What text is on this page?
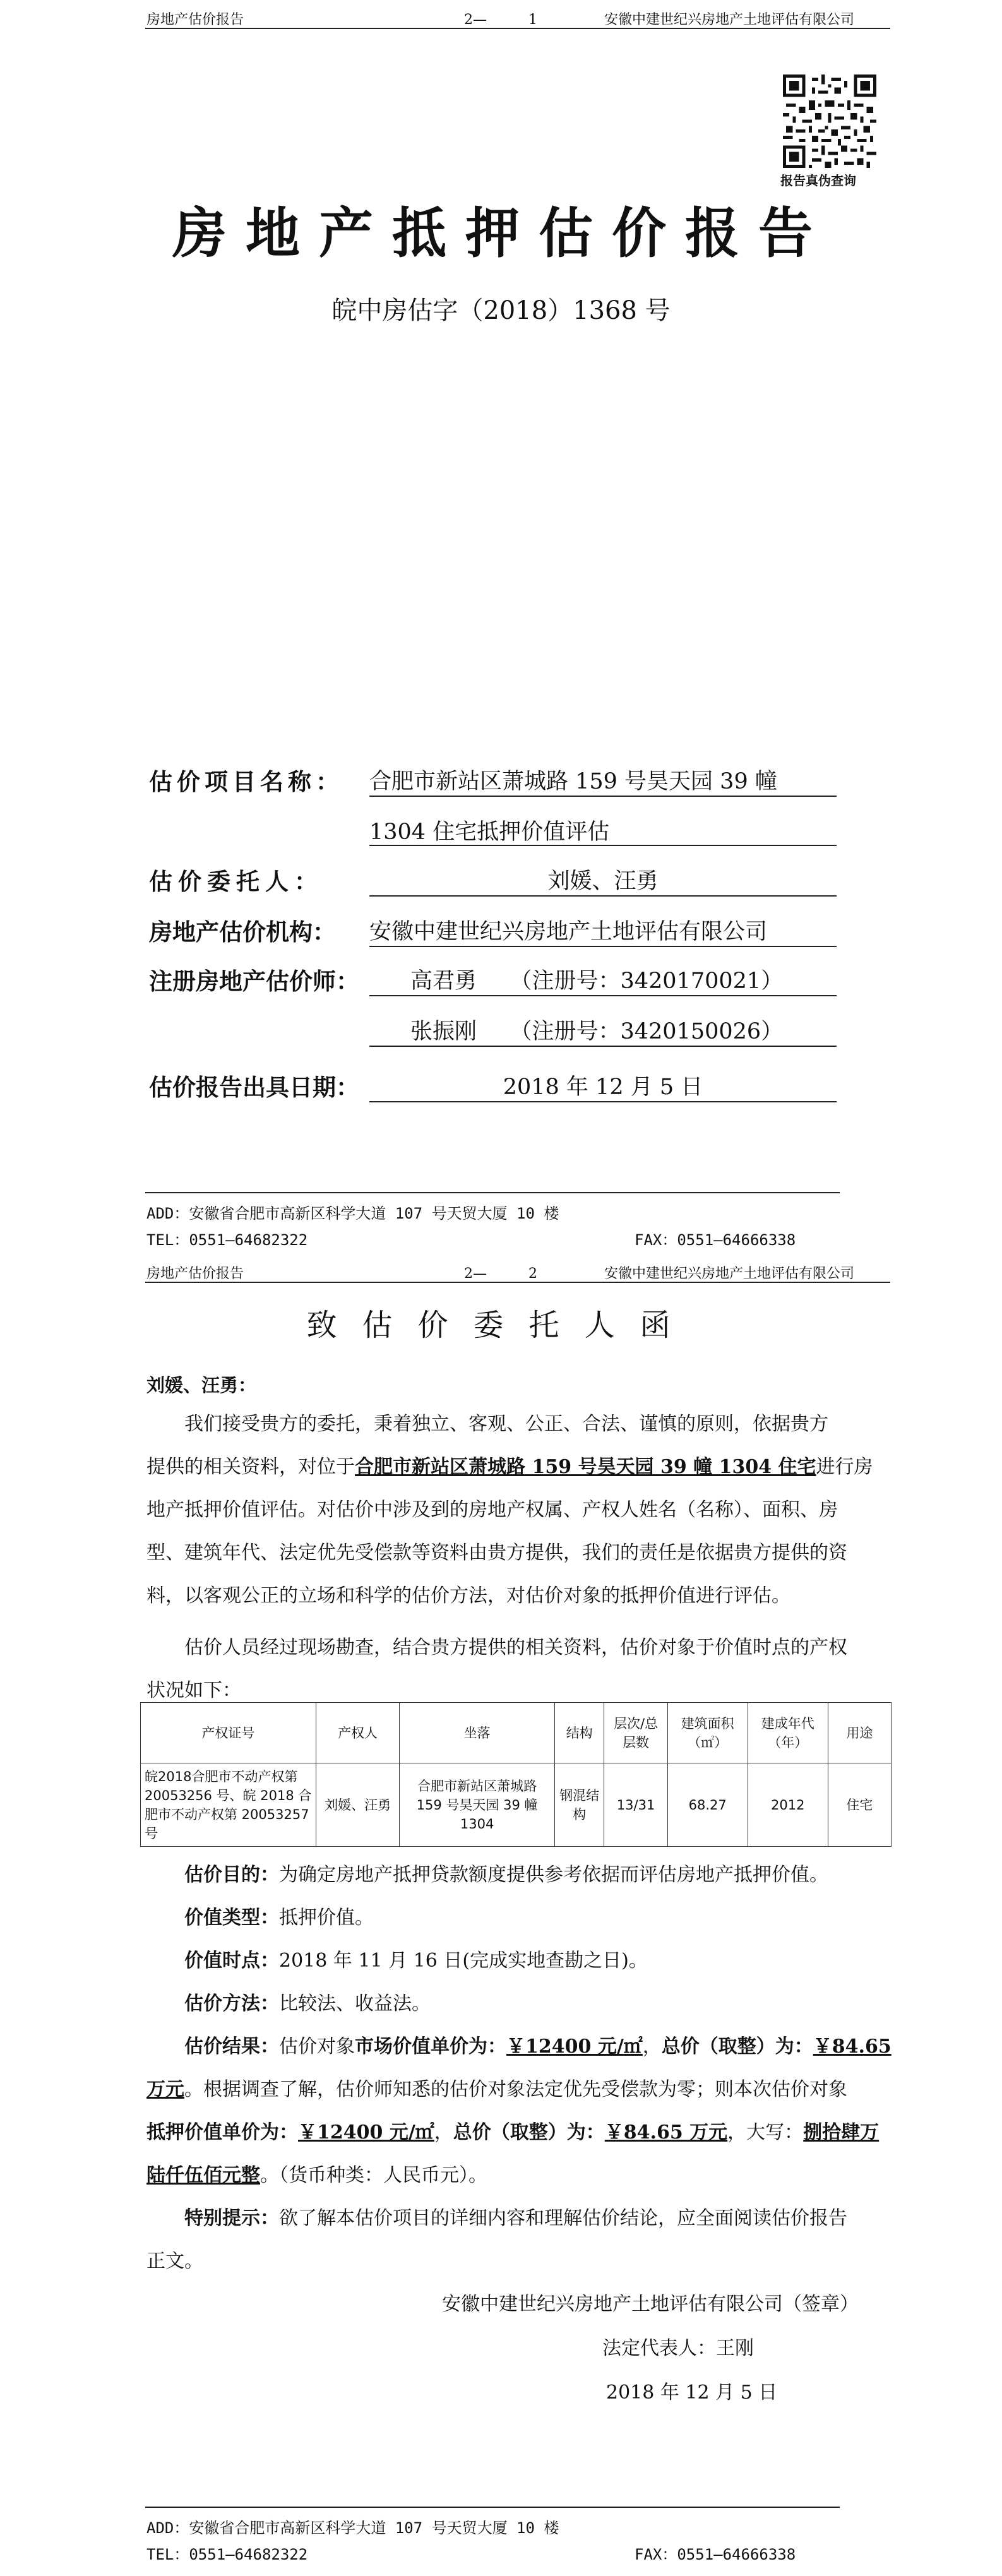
房地产估价报告	2—　　　1	安徽中建世纪兴房地产土地评估有限公司
报告真伪查询
房地产抵押估价报告
皖中房估字（2018）1368 号
估价项目名称： 合肥市新站区萧城路 159 号昊天园 39 幢
1304 住宅抵押价值评估
估价委托人：	刘媛、汪勇
房地产估价机构： 安徽中建世纪兴房地产土地评估有限公司
注册房地产估价师： 高君勇　　（注册号：3420170021）
张振刚　　（注册号：3420150026）
估价报告出具日期：	2018 年 12 月 5 日
ADD：安徽省合肥市高新区科学大道 107 号天贸大厦 10 楼
TEL：0551—64682322	FAX：0551—64666338
房地产估价报告	2—　　　2	安徽中建世纪兴房地产土地评估有限公司
致估价委托人函
刘媛、汪勇：
我们接受贵方的委托，秉着独立、客观、公正、合法、谨慎的原则，依据贵方
提供的相关资料，对位于合肥市新站区萧城路 159 号昊天园 39 幢 1304 住宅进行房
地产抵押价值评估。对估价中涉及到的房地产权属、产权人姓名（名称）、面积、房
型、建筑年代、法定优先受偿款等资料由贵方提供，我们的责任是依据贵方提供的资
料，以客观公正的立场和科学的估价方法，对估价对象的抵押价值进行评估。
估价人员经过现场勘查，结合贵方提供的相关资料，估价对象于价值时点的产权
状况如下：
产权证号	产权人	坐落	结构	层次/总层数	建筑面积（㎡）	建成年代（年）	用途
皖2018合肥市不动产权第 20053256 号、皖 2018 合肥市不动产权第 20053257 号	刘媛、汪勇	合肥市新站区萧城路 159 号昊天园 39 幢 1304	钢混结构	13/31	68.27	2012	住宅
估价目的：为确定房地产抵押贷款额度提供参考依据而评估房地产抵押价值。
价值类型：抵押价值。
价值时点：2018 年 11 月 16 日(完成实地查勘之日)。
估价方法：比较法、收益法。
估价结果：估价对象市场价值单价为：￥12400 元/㎡，总价（取整）为：￥84.65
万元。根据调查了解，估价师知悉的估价对象法定优先受偿款为零；则本次估价对象
抵押价值单价为：￥12400 元/㎡，总价（取整）为：￥84.65 万元，大写：捌拾肆万
陆仟伍佰元整。（货币种类：人民币元）。
特别提示：欲了解本估价项目的详细内容和理解估价结论，应全面阅读估价报告
正文。
安徽中建世纪兴房地产土地评估有限公司（签章）
法定代表人：王刚
2018 年 12 月 5 日
ADD：安徽省合肥市高新区科学大道 107 号天贸大厦 10 楼
TEL：0551—64682322	FAX：0551—64666338
